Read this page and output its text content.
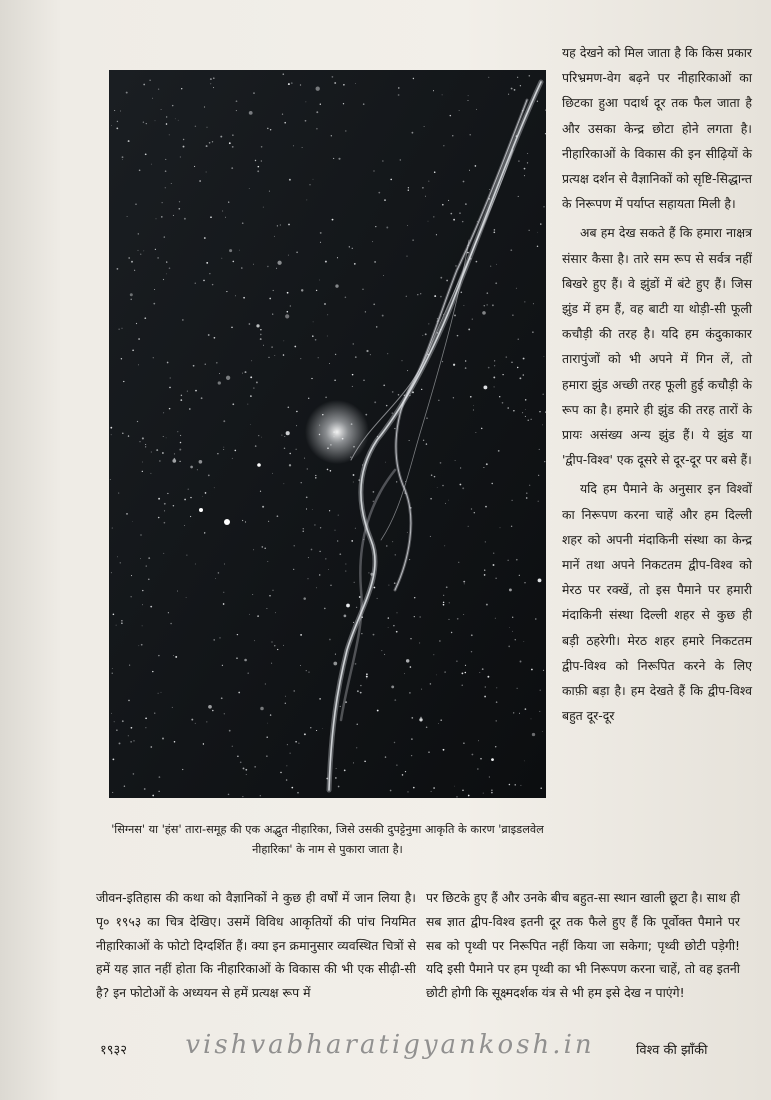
यह देखने को मिल जाता है कि किस प्रकार परिभ्रमण-वेग बढ़ने पर नीहारिकाओं का छिटका हुआ पदार्थ दूर तक फैल जाता है और उसका केन्द्र छोटा होने लगता है। नीहारिकाओं के विकास की इन सीढ़ियों के प्रत्यक्ष दर्शन से वैज्ञानिकों को सृष्टि-सिद्धान्त के निरूपण में पर्याप्त सहायता मिली है।

अब हम देख सकते हैं कि हमारा नाक्षत्र संसार कैसा है। तारे सम रूप से सर्वत्र नहीं बिखरे हुए हैं। वे झुंडों में बंटे हुए हैं। जिस झुंड में हम हैं, वह बाटी या थोड़ी-सी फूली कचौड़ी की तरह है। यदि हम कंदुकाकार तारापुंजों को भी अपने में गिन लें, तो हमारा झुंड अच्छी तरह फूली हुई कचौड़ी के रूप का है। हमारे ही झुंड की तरह तारों के प्रायः असंख्य अन्य झुंड हैं। ये झुंड या 'द्वीप-विश्व' एक दूसरे से दूर-दूर पर बसे हैं।

यदि हम पैमाने के अनुसार इन विश्वों का निरूपण करना चाहें और हम दिल्ली शहर को अपनी मंदाकिनी संस्था का केन्द्र मानें तथा अपने निकटतम द्वीप-विश्व को मेरठ पर रक्खें, तो इस पैमाने पर हमारी मंदाकिनी संस्था दिल्ली शहर से कुछ ही बड़ी ठहरेगी। मेरठ शहर हमारे निकटतम द्वीप-विश्व को निरूपित करने के लिए काफ़ी बड़ा है। हम देखते हैं कि द्वीप-विश्व बहुत दूर-दूर

'सिग्नस' या 'हंस' तारा-समूह की एक अद्भुत नीहारिका, जिसे उसकी दुपट्टेनुमा आकृति के कारण 'व्राइडलवेल नीहारिका' के नाम से पुकारा जाता है।

जीवन-इतिहास की कथा को वैज्ञानिकों ने कुछ ही वर्षों में जान लिया है। पृ० १९५३ का चित्र देखिए। उसमें विविध आकृतियों की पांच नियमित नीहारिकाओं के फोटो दिग्दर्शित हैं। क्या इन क्रमानुसार व्यवस्थित चित्रों से हमें यह ज्ञात नहीं होता कि नीहारिकाओं के विकास की भी एक सीढ़ी-सी है? इन फोटोओं के अध्ययन से हमें प्रत्यक्ष रूप में

पर छिटके हुए हैं और उनके बीच बहुत-सा स्थान खाली छूटा है। साथ ही सब ज्ञात द्वीप-विश्व इतनी दूर तक फैले हुए हैं कि पूर्वोक्त पैमाने पर सब को पृथ्वी पर निरूपित नहीं किया जा सकेगा; पृथ्वी छोटी पड़ेगी! यदि इसी पैमाने पर हम पृथ्वी का भी निरूपण करना चाहें, तो वह इतनी छोटी होगी कि सूक्ष्मदर्शक यंत्र से भी हम इसे देख न पाएंगे!

१९३२	विश्व की झाँकी
vishvabharatigyankosh.in
